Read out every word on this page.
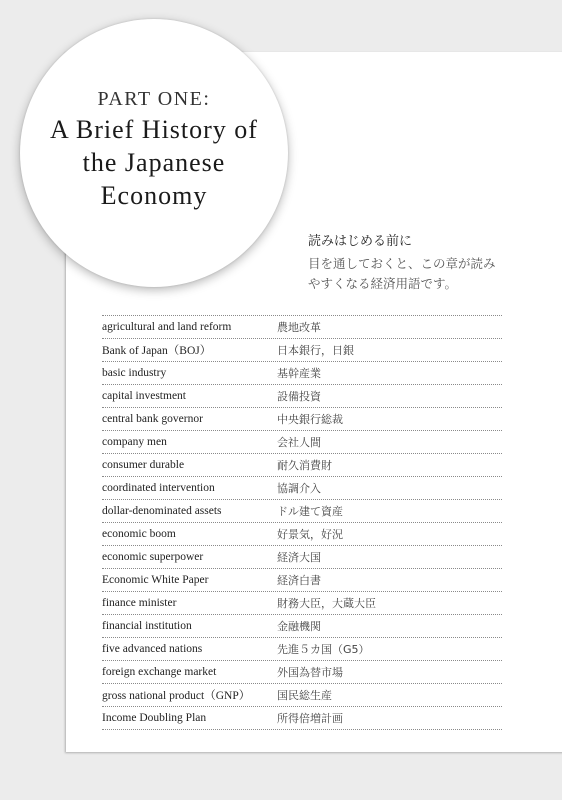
PART ONE:
A Brief History of
the Japanese
Economy
読みはじめる前に
目を通しておくと、この章が読み
やすくなる経済用語です。
agricultural and land reform	農地改革
Bank of Japan（BOJ）	日本銀行，日銀
basic industry	基幹産業
capital investment	設備投資
central bank governor	中央銀行総裁
company men	会社人間
consumer durable	耐久消費財
coordinated intervention	協調介入
dollar-denominated assets	ドル建て資産
economic boom	好景気，好況
economic superpower	経済大国
Economic White Paper	経済白書
finance minister	財務大臣，大蔵大臣
financial institution	金融機関
five advanced nations	先進５カ国（G5）
foreign exchange market	外国為替市場
gross national product（GNP）	国民総生産
Income Doubling Plan	所得倍増計画
